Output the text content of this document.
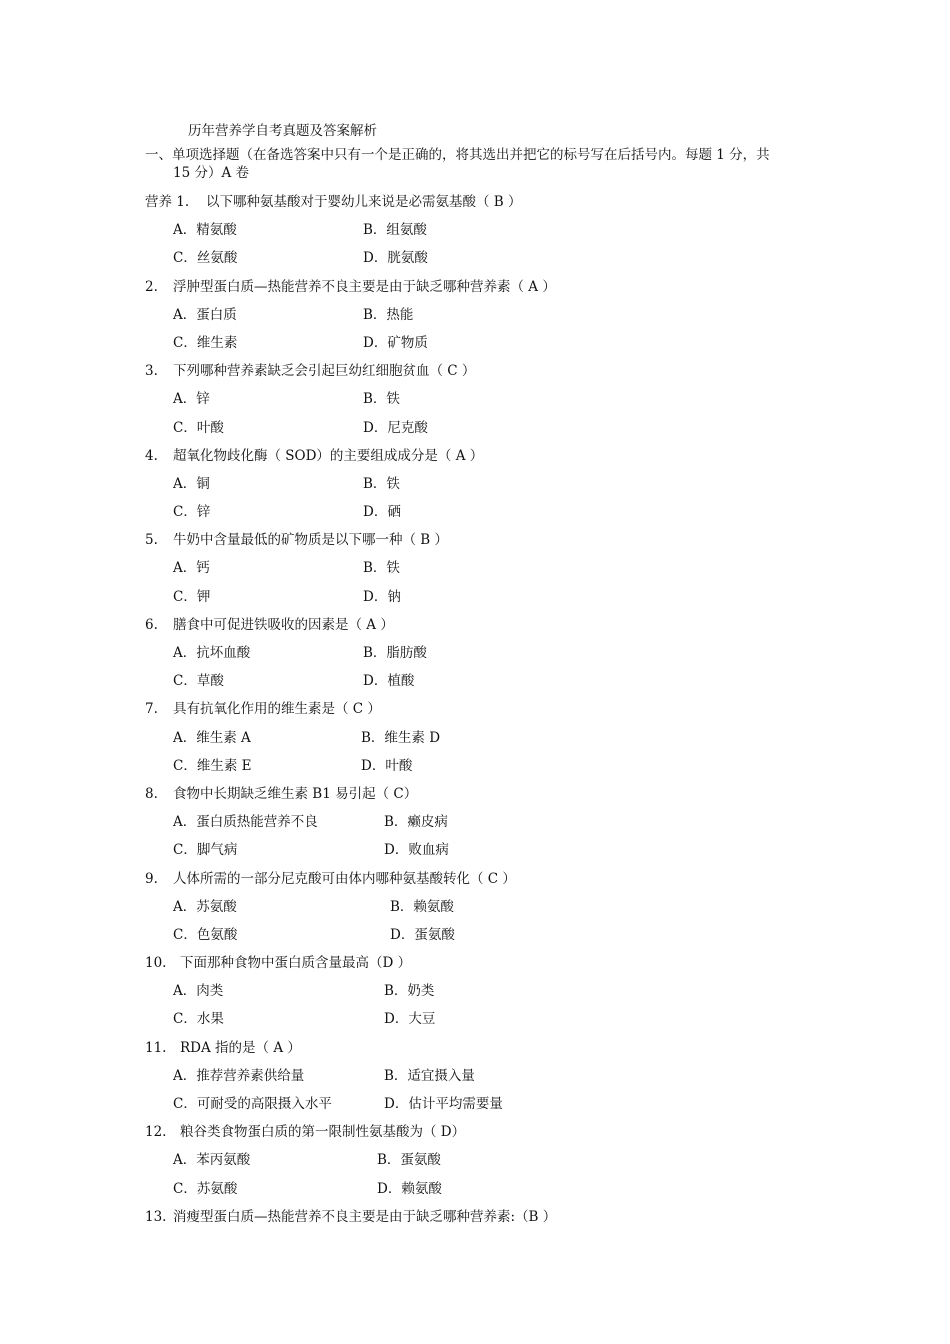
历年营养学自考真题及答案解析
一、单项选择题（在备选答案中只有一个是正确的，将其选出并把它的标号写在后括号内。每题 1 分，共
15 分）A 卷
营养 1. 以下哪种氨基酸对于婴幼儿来说是必需氨基酸（ B ）
A．精氨酸	B．组氨酸
C．丝氨酸	D．胱氨酸
2. 浮肿型蛋白质—热能营养不良主要是由于缺乏哪种营养素（ A ）
A．蛋白质	B．热能
C．维生素	D．矿物质
3. 下列哪种营养素缺乏会引起巨幼红细胞贫血（ C ）
A．锌	B．铁
C．叶酸	D．尼克酸
4. 超氧化物歧化酶（ SOD）的主要组成成分是（ A ）
A．铜	B．铁
C．锌	D．硒
5. 牛奶中含量最低的矿物质是以下哪一种（ B ）
A．钙	B．铁
C．钾	D．钠
6. 膳食中可促进铁吸收的因素是（ A ）
A．抗坏血酸	B．脂肪酸
C．草酸	D．植酸
7. 具有抗氧化作用的维生素是（ C ）
A．维生素 A	B．维生素 D
C．维生素 E	D．叶酸
8. 食物中长期缺乏维生素 B1 易引起（ C）
A．蛋白质热能营养不良	B．癞皮病
C．脚气病	D．败血病
9. 人体所需的一部分尼克酸可由体内哪种氨基酸转化（ C ）
A．苏氨酸	B．赖氨酸
C．色氨酸	D．蛋氨酸
10. 下面那种食物中蛋白质含量最高（D ）
A．肉类	B．奶类
C．水果	D．大豆
11. RDA 指的是（ A ）
A．推荐营养素供给量	B．适宜摄入量
C．可耐受的高限摄入水平	D．估计平均需要量
12. 粮谷类食物蛋白质的第一限制性氨基酸为（ D）
A．苯丙氨酸	B．蛋氨酸
C．苏氨酸	D．赖氨酸
13. 消瘦型蛋白质—热能营养不良主要是由于缺乏哪种营养素:（B ）
